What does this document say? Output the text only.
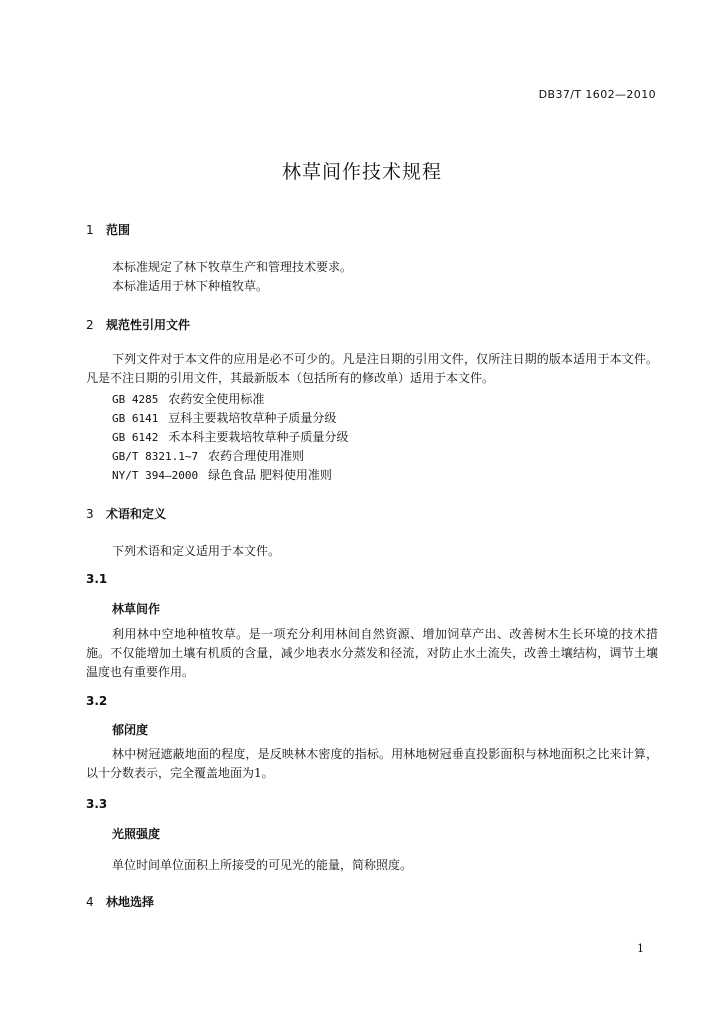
DB37/T 1602—2010
林草间作技术规程
1 范围
本标准规定了林下牧草生产和管理技术要求。
本标准适用于林下种植牧草。
2 规范性引用文件
下列文件对于本文件的应用是必不可少的。凡是注日期的引用文件，仅所注日期的版本适用于本文件。凡是不注日期的引用文件，其最新版本（包括所有的修改单）适用于本文件。
GB 4285 农药安全使用标准
GB 6141 豆科主要栽培牧草种子质量分级
GB 6142 禾本科主要栽培牧草种子质量分级
GB/T 8321.1~7 农药合理使用准则
NY/T 394—2000 绿色食品 肥料使用准则
3 术语和定义
下列术语和定义适用于本文件。
3.1
林草间作
利用林中空地种植牧草。是一项充分利用林间自然资源、增加饲草产出、改善树木生长环境的技术措施。不仅能增加土壤有机质的含量，减少地表水分蒸发和径流，对防止水土流失，改善土壤结构，调节土壤温度也有重要作用。
3.2
郁闭度
林中树冠遮蔽地面的程度，是反映林木密度的指标。用林地树冠垂直投影面积与林地面积之比来计算，以十分数表示，完全覆盖地面为1。
3.3
光照强度
单位时间单位面积上所接受的可见光的能量，简称照度。
4 林地选择
1
